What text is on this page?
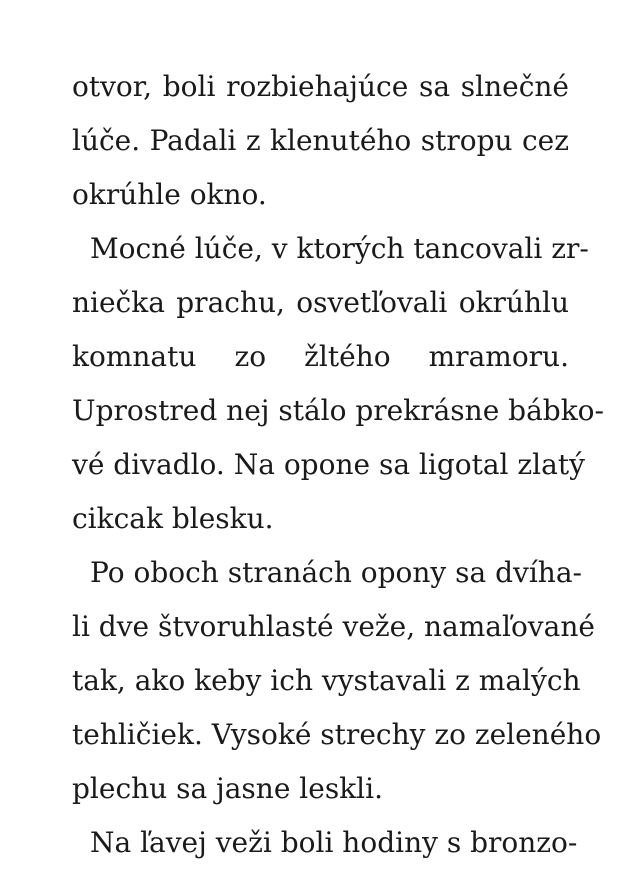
otvor, boli rozbiehajúce sa slnečné
lúče. Padali z klenutého stropu cez
okrúhle okno.
Mocné lúče, v ktorých tancovali zr-
niečka prachu, osvetľovali okrúhlu
komnatu zo žltého mramoru.
Uprostred nej stálo prekrásne bábko-
vé divadlo. Na opone sa ligotal zlatý
cikcak blesku.
Po oboch stranách opony sa dvíha-
li dve štvoruhlasté veže, namaľované
tak, ako keby ich vystavali z malých
tehličiek. Vysoké strechy zo zeleného
plechu sa jasne leskli.
Na ľavej veži boli hodiny s bronzo-
